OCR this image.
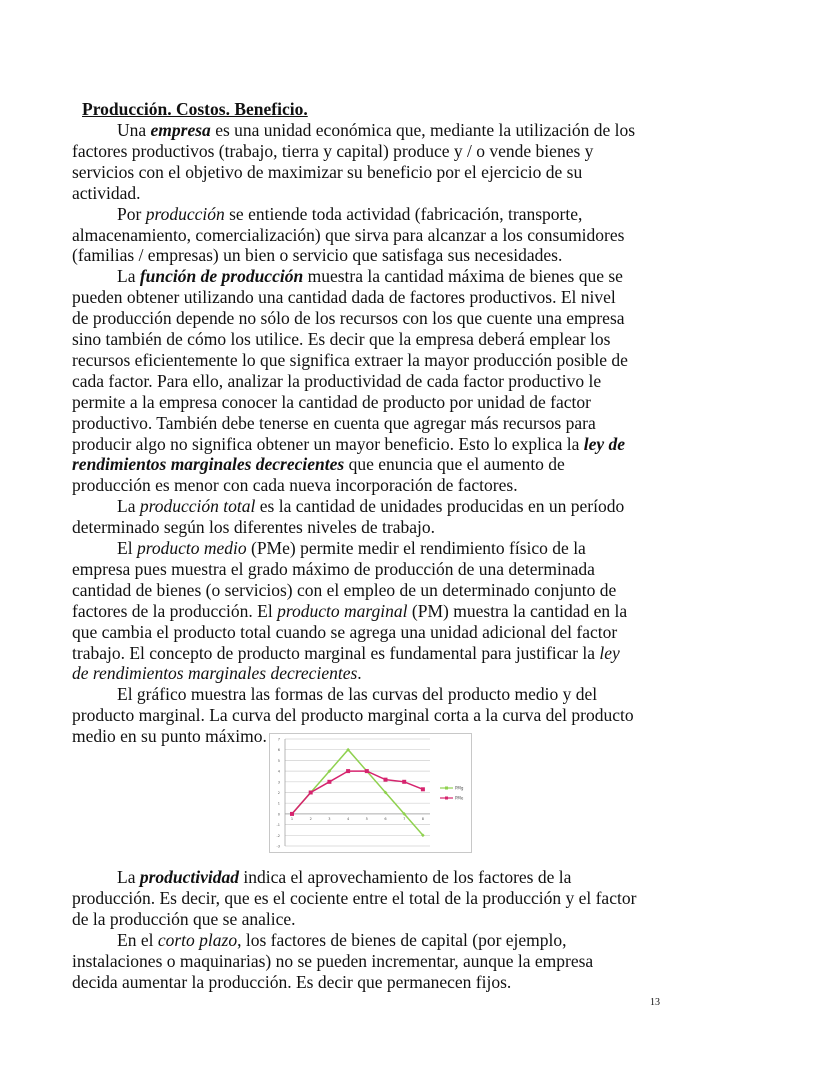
Producción. Costos. Beneficio.
Una empresa es una unidad económica que, mediante la utilización de los
factores productivos (trabajo, tierra y capital) produce y / o vende bienes y
servicios con el objetivo de maximizar su beneficio por el ejercicio de su
actividad.
Por producción se entiende toda actividad (fabricación, transporte,
almacenamiento, comercialización) que sirva para alcanzar a los consumidores
(familias / empresas) un bien o servicio que satisfaga sus necesidades.
La función de producción muestra la cantidad máxima de bienes que se
pueden obtener utilizando una cantidad dada de factores productivos. El nivel
de producción depende no sólo de los recursos con los que cuente una empresa
sino también de cómo los utilice. Es decir que la empresa deberá emplear los
recursos eficientemente lo que significa extraer la mayor producción posible de
cada factor. Para ello, analizar la productividad de cada factor productivo le
permite a la empresa conocer la cantidad de producto por unidad de factor
productivo. También debe tenerse en cuenta que agregar más recursos para
producir algo no significa obtener un mayor beneficio. Esto lo explica la ley de
rendimientos marginales decrecientes que enuncia que el aumento de
producción es menor con cada nueva incorporación de factores.
La producción total es la cantidad de unidades producidas en un período
determinado según los diferentes niveles de trabajo.
El producto medio (PMe) permite medir el rendimiento físico de la
empresa pues muestra el grado máximo de producción de una determinada
cantidad de bienes (o servicios) con el empleo de un determinado conjunto de
factores de la producción. El producto marginal (PM) muestra la cantidad en la
que cambia el producto total cuando se agrega una unidad adicional del factor
trabajo. El concepto de producto marginal es fundamental para justificar la ley
de rendimientos marginales decrecientes.
El gráfico muestra las formas de las curvas del producto medio y del
producto marginal. La curva del producto marginal corta a la curva del producto
medio en su punto máximo.
La productividad indica el aprovechamiento de los factores de la
producción. Es decir, que es el cociente entre el total de la producción y el factor
de la producción que se analice.
En el corto plazo, los factores de bienes de capital (por ejemplo,
instalaciones o maquinarias) no se pueden incrementar, aunque la empresa
decida aumentar la producción. Es decir que permanecen fijos.
-3
-2
-1
0
1
2
3
4
5
6
7
1	2	3	4	5	6	7	8
PMg
PMe
13
